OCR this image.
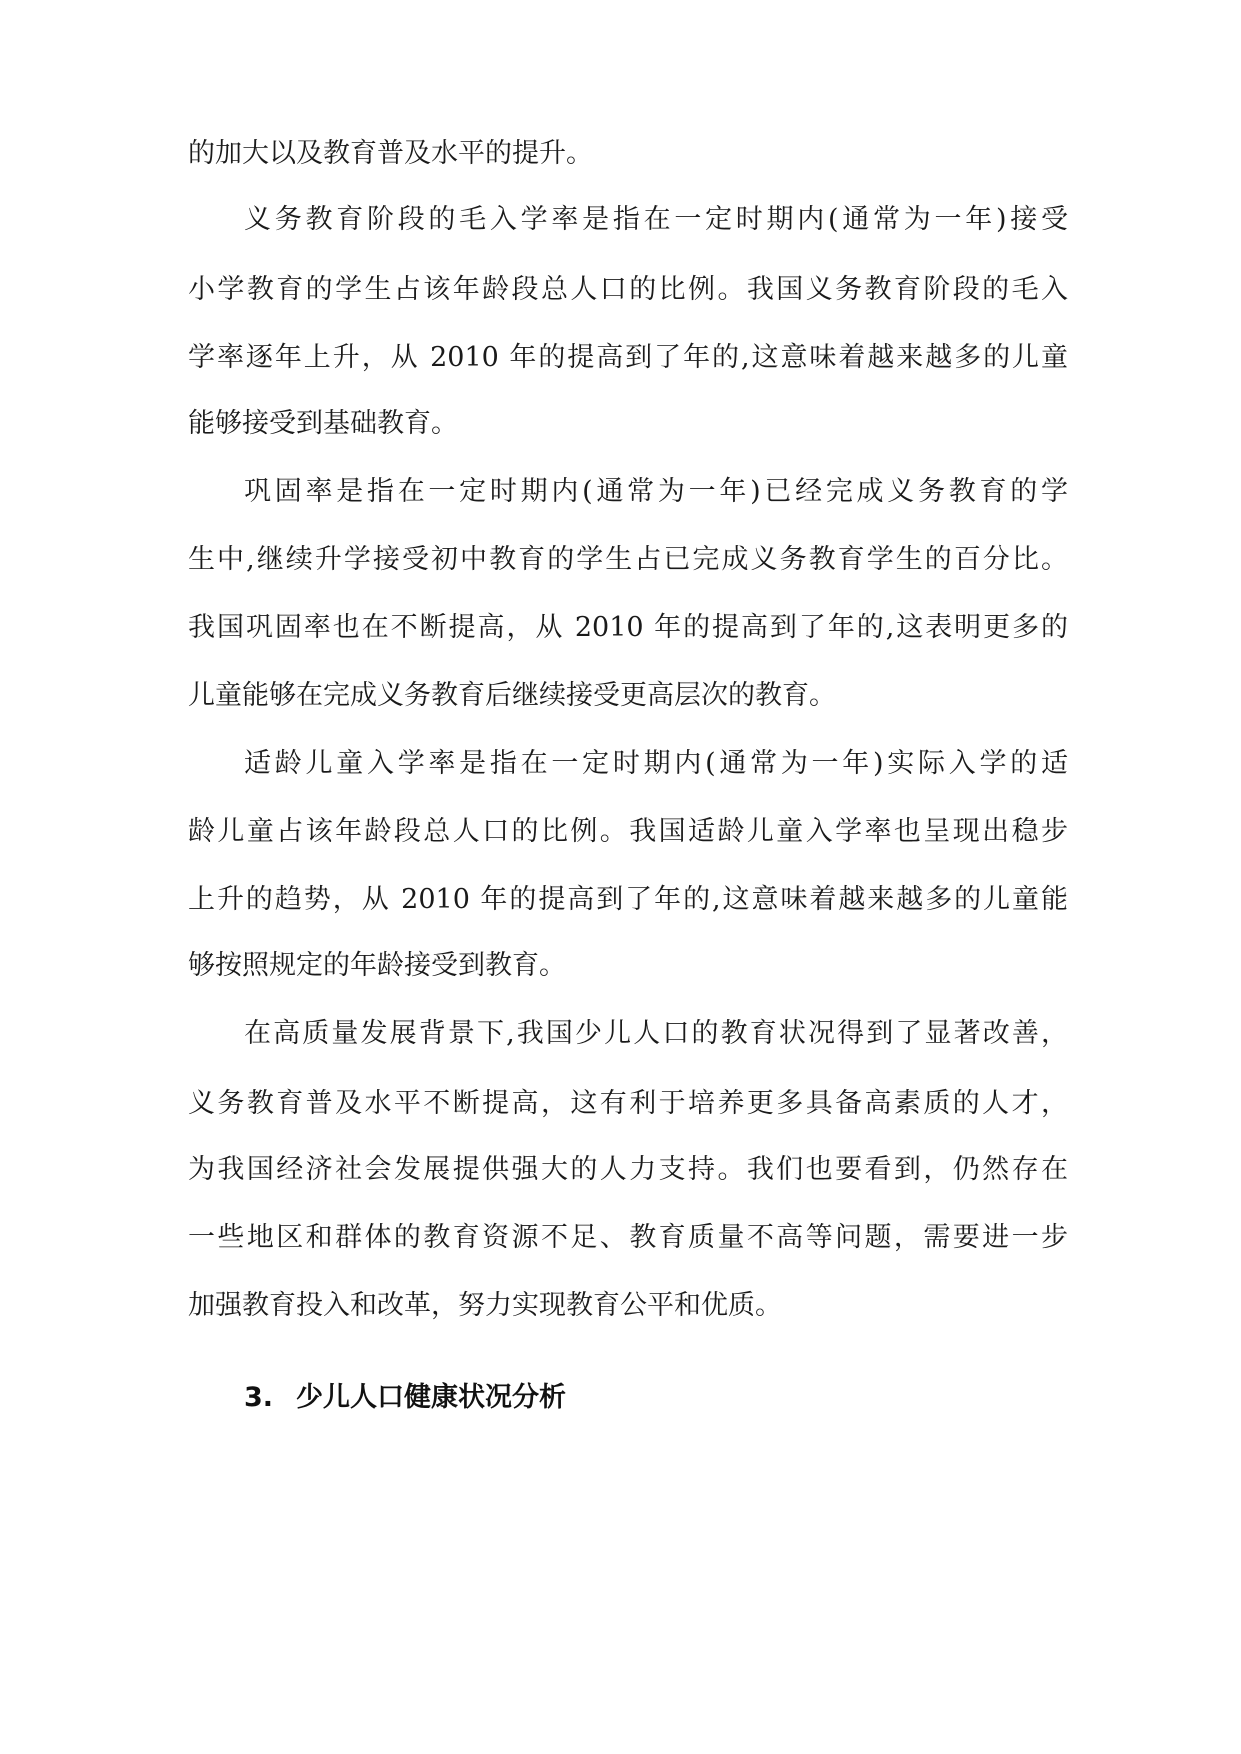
的加大以及教育普及水平的提升。
义务教育阶段的毛入学率是指在一定时期内(通常为一年)接受
小学教育的学生占该年龄段总人口的比例。我国义务教育阶段的毛入
学率逐年上升，从 2010 年的提高到了年的,这意味着越来越多的儿童
能够接受到基础教育。
巩固率是指在一定时期内(通常为一年)已经完成义务教育的学
生中,继续升学接受初中教育的学生占已完成义务教育学生的百分比。
我国巩固率也在不断提高，从 2010 年的提高到了年的,这表明更多的
儿童能够在完成义务教育后继续接受更高层次的教育。
适龄儿童入学率是指在一定时期内(通常为一年)实际入学的适
龄儿童占该年龄段总人口的比例。我国适龄儿童入学率也呈现出稳步
上升的趋势，从 2010 年的提高到了年的,这意味着越来越多的儿童能
够按照规定的年龄接受到教育。
在高质量发展背景下,我国少儿人口的教育状况得到了显著改善，
义务教育普及水平不断提高，这有利于培养更多具备高素质的人才，
为我国经济社会发展提供强大的人力支持。我们也要看到，仍然存在
一些地区和群体的教育资源不足、教育质量不高等问题，需要进一步
加强教育投入和改革，努力实现教育公平和优质。
3. 少儿人口健康状况分析
